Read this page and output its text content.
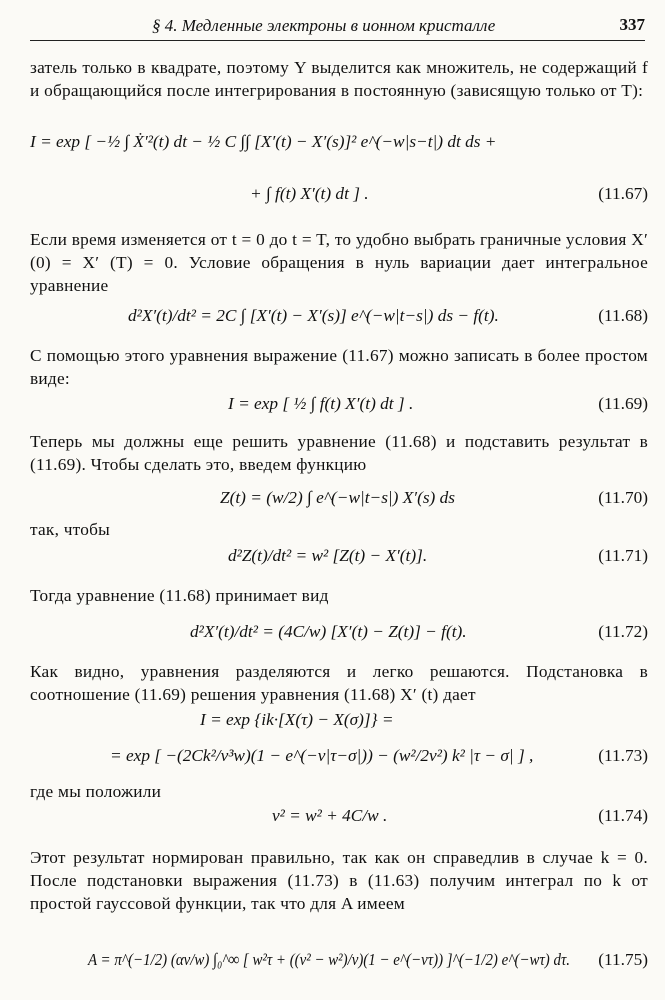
§ 4. Медленные электроны в ионном кристалле	337
затель только в квадрате, поэтому Y выделится как множитель, не содержащий f и обращающийся после интегрирования в постоянную (зависящую только от T):
I = exp [ −½ ∫ Ẋ′²(t) dt − ½ C ∫∫ [X′(t) − X′(s)]² e^(−w|s−t|) dt ds +
+ ∫ f(t) X′(t) dt ] .	(11.67)
Если время изменяется от t = 0 до t = T, то удобно выбрать граничные условия X′ (0) = X′ (T) = 0. Условие обращения в нуль вариации дает интегральное уравнение
d²X′(t)/dt² = 2C ∫ [X′(t) − X′(s)] e^(−w|t−s|) ds − f(t).	(11.68)
С помощью этого уравнения выражение (11.67) можно записать в более простом виде:
I = exp [ ½ ∫ f(t) X′(t) dt ] .	(11.69)
Теперь мы должны еще решить уравнение (11.68) и подставить результат в (11.69). Чтобы сделать это, введем функцию
Z(t) = (w/2) ∫ e^(−w|t−s|) X′(s) ds	(11.70)
так, чтобы
d²Z(t)/dt² = w² [Z(t) − X′(t)].	(11.71)
Тогда уравнение (11.68) принимает вид
d²X′(t)/dt² = (4C/w) [X′(t) − Z(t)] − f(t).	(11.72)
Как видно, уравнения разделяются и легко решаются. Подстановка в соотношение (11.69) решения уравнения (11.68) X′ (t) дает
I = exp {ik·[X(τ) − X(σ)]} =
= exp [ −(2Ck²/v³w)(1 − e^(−v|τ−σ|)) − (w²/2v²) k² |τ − σ| ] ,	(11.73)
где мы положили
v² = w² + 4C/w .	(11.74)
Этот результат нормирован правильно, так как он справедлив в случае k = 0. После подстановки выражения (11.73) в (11.63) получим интеграл по k от простой гауссовой функции, так что для A имеем
A = π^(−1/2) (αv/w) ∫₀^∞ [ w²τ + ((v² − w²)/v)(1 − e^(−vτ)) ]^(−1/2) e^(−wτ) dτ. (11.75)
